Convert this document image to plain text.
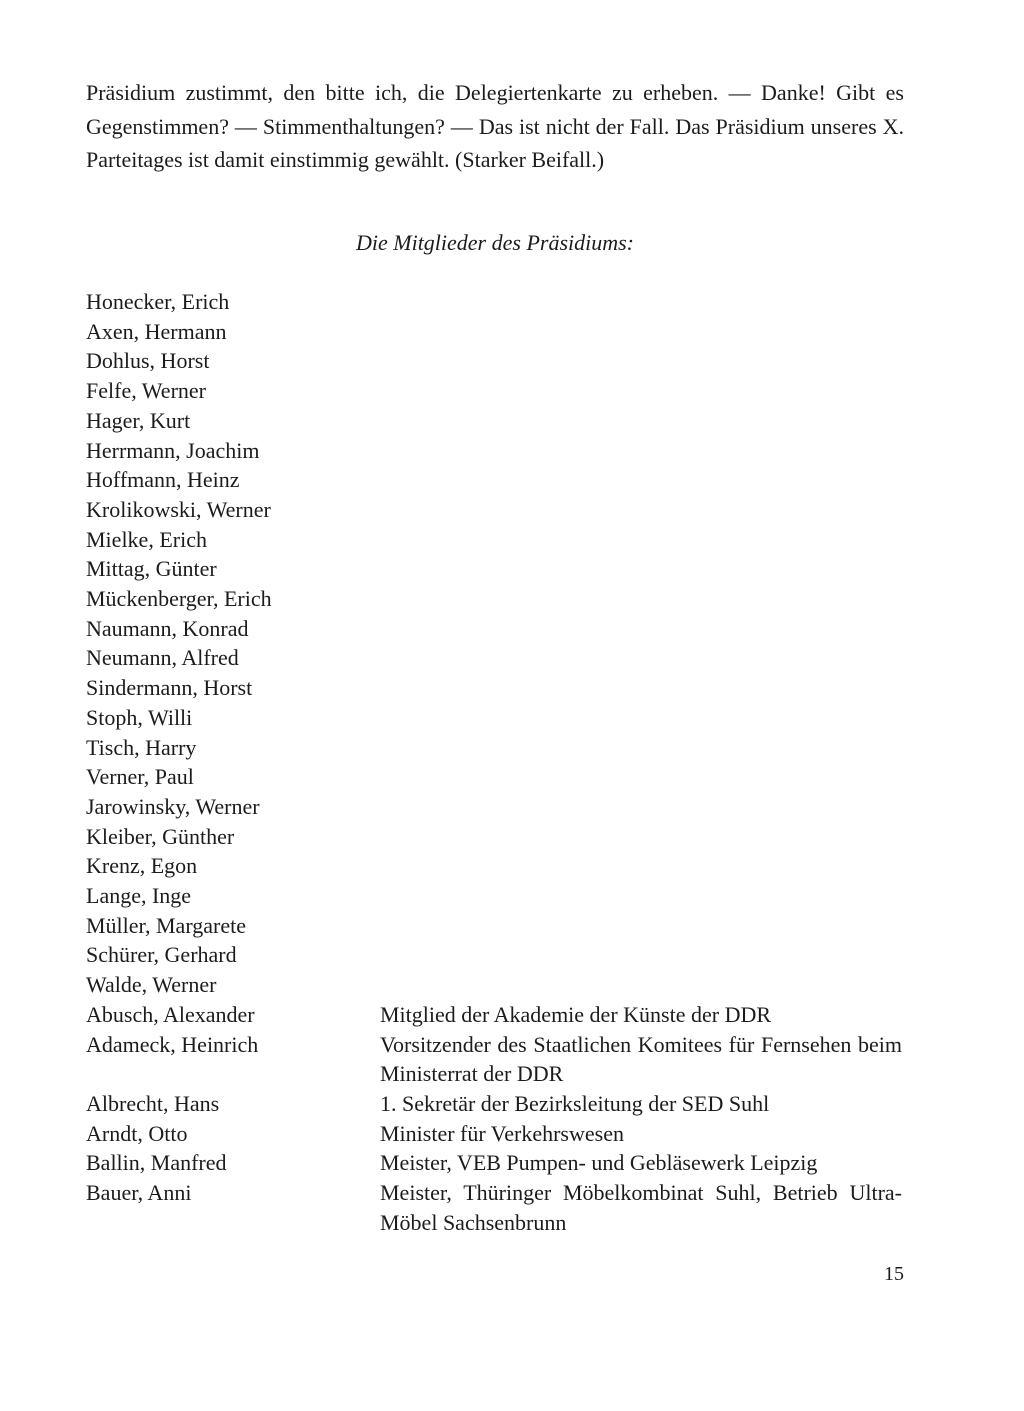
Präsidium zustimmt, den bitte ich, die Delegiertenkarte zu erheben. — Danke! Gibt es Gegenstimmen? — Stimmenthaltungen? — Das ist nicht der Fall. Das Präsidium unseres X. Parteitages ist damit einstimmig gewählt. (Starker Beifall.)

Die Mitglieder des Präsidiums:

Honecker, Erich
Axen, Hermann
Dohlus, Horst
Felfe, Werner
Hager, Kurt
Herrmann, Joachim
Hoffmann, Heinz
Krolikowski, Werner
Mielke, Erich
Mittag, Günter
Mückenberger, Erich
Naumann, Konrad
Neumann, Alfred
Sindermann, Horst
Stoph, Willi
Tisch, Harry
Verner, Paul
Jarowinsky, Werner
Kleiber, Günther
Krenz, Egon
Lange, Inge
Müller, Margarete
Schürer, Gerhard
Walde, Werner
Abusch, Alexander	Mitglied der Akademie der Künste der DDR
Adameck, Heinrich	Vorsitzender des Staatlichen Komitees für Fernsehen beim Ministerrat der DDR
Albrecht, Hans	1. Sekretär der Bezirksleitung der SED Suhl
Arndt, Otto	Minister für Verkehrswesen
Ballin, Manfred	Meister, VEB Pumpen- und Gebläsewerk Leipzig
Bauer, Anni	Meister, Thüringer Möbelkombinat Suhl, Betrieb Ultra-Möbel Sachsenbrunn

15
